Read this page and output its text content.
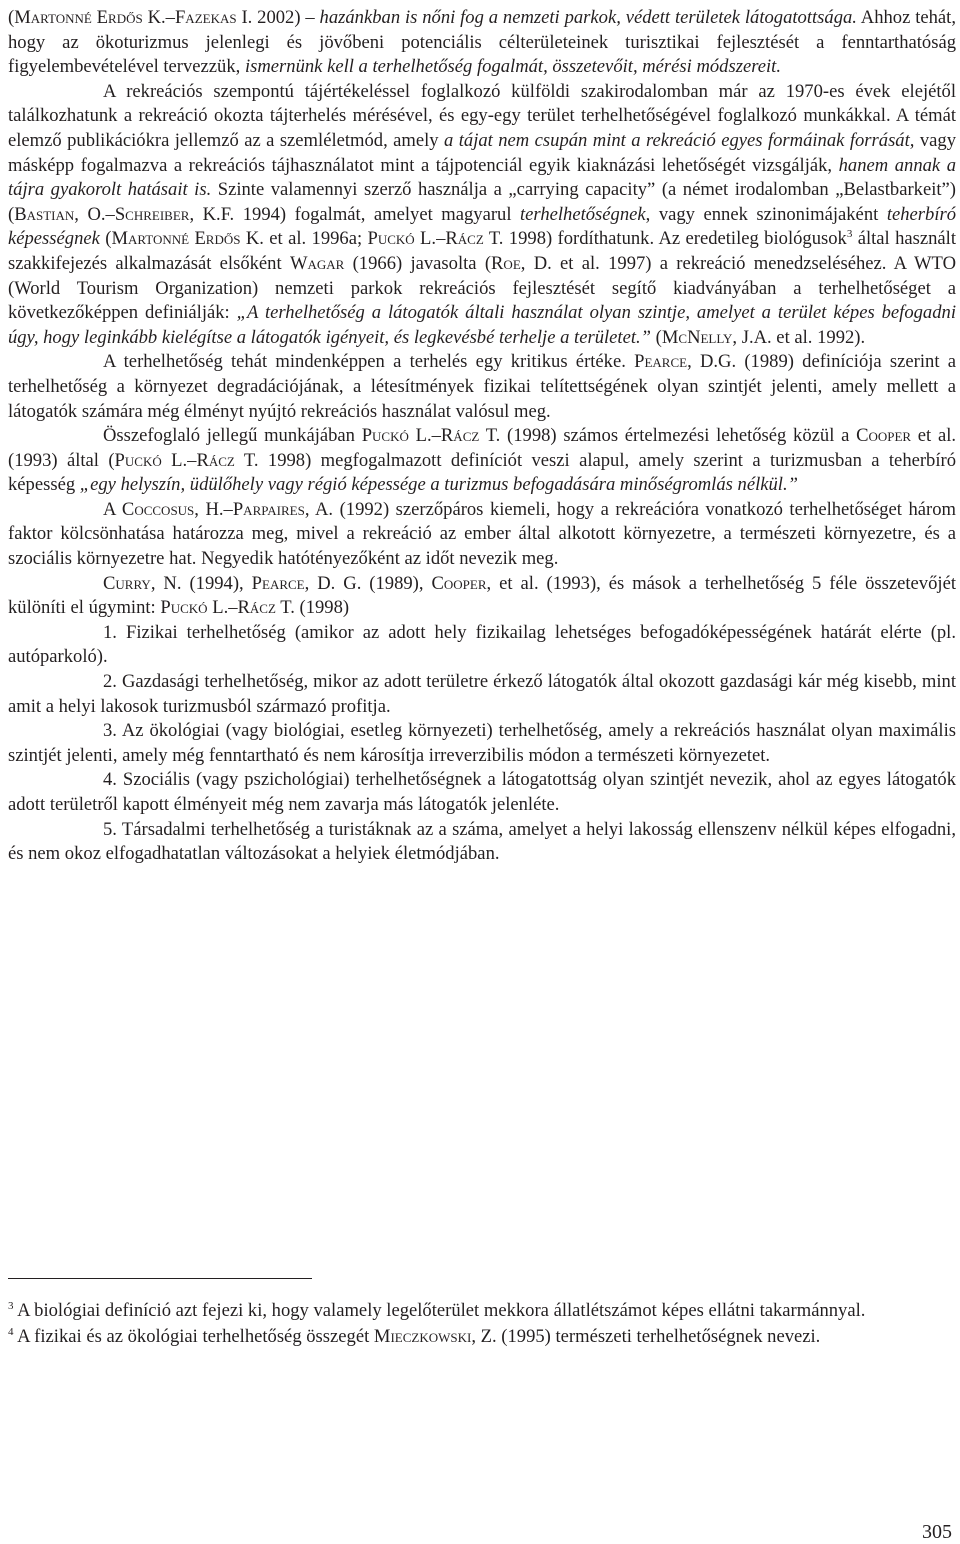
(Martonné Erdős K.–Fazekas I. 2002) – hazánkban is nőni fog a nemzeti parkok, védett területek látogatottsága. Ahhoz tehát, hogy az ökoturizmus jelenlegi és jövőbeni potenciális célterületeinek turisztikai fejlesztését a fenntarthatóság figyelembevételével tervezzük, ismernünk kell a terhelhetőség fogalmát, összetevőit, mérési módszereit.

A rekreációs szempontú tájértékeléssel foglalkozó külföldi szakirodalomban már az 1970-es évek elejétől találkozhatunk a rekreáció okozta tájterhelés mérésével, és egy-egy terület terhelhetőségével foglalkozó munkákkal. A témát elemző publikációkra jellemző az a szemléletmód, amely a tájat nem csupán mint a rekreáció egyes formáinak forrását, vagy másképp fogalmazva a rekreációs tájhasználatot mint a tájpotenciál egyik kiaknázási lehetőségét vizsgálják, hanem annak a tájra gyakorolt hatásait is. Szinte valamennyi szerző használja a „carrying capacity” (a német irodalomban „Belastbarkeit”) (Bastian, O.–Schreiber, K.F. 1994) fogalmát, amelyet magyarul terhelhetőségnek, vagy ennek szinonimájaként teherbíró képességnek (Martonné Erdős K. et al. 1996a; Puckó L.–Rácz T. 1998) fordíthatunk. Az eredetileg biológusok$^3$ által használt szakkifejezés alkalmazását elsőként Wagar (1966) javasolta (Roe, D. et al. 1997) a rekreáció menedzseléséhez. A WTO (World Tourism Organization) nemzeti parkok rekreációs fejlesztését segítő kiadványában a terhelhetőséget a következőképpen definiálják: „A terhelhetőség a látogatók általi használat olyan szintje, amelyet a terület képes befogadni úgy, hogy leginkább kielégítse a látogatók igényeit, és legkevésbé terhelje a területet.” (McNelly, J.A. et al. 1992).

A terhelhetőség tehát mindenképpen a terhelés egy kritikus értéke. Pearce, D.G. (1989) definíciója szerint a terhelhetőség a környezet degradációjának, a létesítmények fizikai telítettségének olyan szintjét jelenti, amely mellett a látogatók számára még élményt nyújtó rekreációs használat valósul meg.

Összefoglaló jellegű munkájában Puckó L.–Rácz T. (1998) számos értelmezési lehetőség közül a Cooper et al. (1993) által (Puckó L.–Rácz T. 1998) megfogalmazott definíciót veszi alapul, amely szerint a turizmusban a teherbíró képesség „egy helyszín, üdülőhely vagy régió képessége a turizmus befogadására minőségromlás nélkül.”

A Coccosus, H.–Parpaires, A. (1992) szerzőpáros kiemeli, hogy a rekreációra vonatkozó terhelhetőséget három faktor kölcsönhatása határozza meg, mivel a rekreáció az ember által alkotott környezetre, a természeti környezetre, és a szociális környezetre hat. Negyedik hatótényezőként az időt nevezik meg.

Curry, N. (1994), Pearce, D. G. (1989), Cooper, et al. (1993), és mások a terhelhetőség 5 féle összetevőjét különíti el úgymint: Puckó L.–Rácz T. (1998)

1. Fizikai terhelhetőség (amikor az adott hely fizikailag lehetséges befogadóképességének határát elérte (pl. autóparkoló).

2. Gazdasági terhelhetőség, mikor az adott területre érkező látogatók által okozott gazdasági kár még kisebb, mint amit a helyi lakosok turizmusból származó profitja.

3. Az ökológiai (vagy biológiai, esetleg környezeti) terhelhetőség, amely a rekreációs használat olyan maximális szintjét jelenti, amely még fenntartható és nem károsítja irreverzibilis módon a természeti környezetet.

4. Szociális (vagy pszichológiai) terhelhetőségnek a látogatottság olyan szintjét nevezik, ahol az egyes látogatók adott területről kapott élményeit még nem zavarja más látogatók jelenléte.

5. Társadalmi terhelhetőség a turistáknak az a száma, amelyet a helyi lakosság ellenszenv nélkül képes elfogadni, és nem okoz elfogadhatatlan változásokat a helyiek életmódjában.

$^3$ A biológiai definíció azt fejezi ki, hogy valamely legelőterület mekkora állatlétszámot képes ellátni takarmánnyal.

$^4$ A fizikai és az ökológiai terhelhetőség összegét Mieczkowski, Z. (1995) természeti terhelhetőségnek nevezi.

305
